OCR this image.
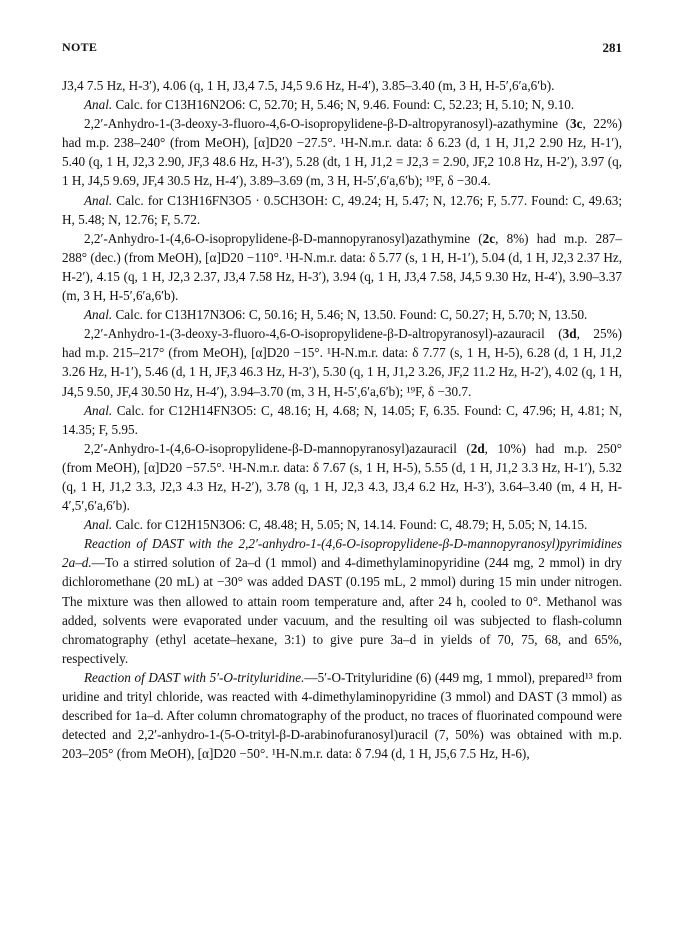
NOTE	281

J3,4 7.5 Hz, H-3′), 4.06 (q, 1 H, J3,4 7.5, J4,5 9.6 Hz, H-4′), 3.85–3.40 (m, 3 H, H-5′,6′a,6′b).

Anal. Calc. for C13H16N2O6: C, 52.70; H, 5.46; N, 9.46. Found: C, 52.23; H, 5.10; N, 9.10.

2,2′-Anhydro-1-(3-deoxy-3-fluoro-4,6-O-isopropylidene-β-D-altropyranosyl)-azathymine (3c, 22%) had m.p. 238–240° (from MeOH), [α]D20 −27.5°. ¹H-N.m.r. data: δ 6.23 (d, 1 H, J1,2 2.90 Hz, H-1′), 5.40 (q, 1 H, J2,3 2.90, JF,3 48.6 Hz, H-3′), 5.28 (dt, 1 H, J1,2 = J2,3 = 2.90, JF,2 10.8 Hz, H-2′), 3.97 (q, 1 H, J4,5 9.69, JF,4 30.5 Hz, H-4′), 3.89–3.69 (m, 3 H, H-5′,6′a,6′b); ¹⁹F, δ −30.4.

Anal. Calc. for C13H16FN3O5 · 0.5CH3OH: C, 49.24; H, 5.47; N, 12.76; F, 5.77. Found: C, 49.63; H, 5.48; N, 12.76; F, 5.72.

2,2′-Anhydro-1-(4,6-O-isopropylidene-β-D-mannopyranosyl)azathymine (2c, 8%) had m.p. 287–288° (dec.) (from MeOH), [α]D20 −110°. ¹H-N.m.r. data: δ 5.77 (s, 1 H, H-1′), 5.04 (d, 1 H, J2,3 2.37 Hz, H-2′), 4.15 (q, 1 H, J2,3 2.37, J3,4 7.58 Hz, H-3′), 3.94 (q, 1 H, J3,4 7.58, J4,5 9.30 Hz, H-4′), 3.90–3.37 (m, 3 H, H-5′,6′a,6′b).

Anal. Calc. for C13H17N3O6: C, 50.16; H, 5.46; N, 13.50. Found: C, 50.27; H, 5.70; N, 13.50.

2,2′-Anhydro-1-(3-deoxy-3-fluoro-4,6-O-isopropylidene-β-D-altropyranosyl)-azauracil (3d, 25%) had m.p. 215–217° (from MeOH), [α]D20 −15°. ¹H-N.m.r. data: δ 7.77 (s, 1 H, H-5), 6.28 (d, 1 H, J1,2 3.26 Hz, H-1′), 5.46 (d, 1 H, JF,3 46.3 Hz, H-3′), 5.30 (q, 1 H, J1,2 3.26, JF,2 11.2 Hz, H-2′), 4.02 (q, 1 H, J4,5 9.50, JF,4 30.50 Hz, H-4′), 3.94–3.70 (m, 3 H, H-5′,6′a,6′b); ¹⁹F, δ −30.7.

Anal. Calc. for C12H14FN3O5: C, 48.16; H, 4.68; N, 14.05; F, 6.35. Found: C, 47.96; H, 4.81; N, 14.35; F, 5.95.

2,2′-Anhydro-1-(4,6-O-isopropylidene-β-D-mannopyranosyl)azauracil (2d, 10%) had m.p. 250° (from MeOH), [α]D20 −57.5°. ¹H-N.m.r. data: δ 7.67 (s, 1 H, H-5), 5.55 (d, 1 H, J1,2 3.3 Hz, H-1′), 5.32 (q, 1 H, J1,2 3.3, J2,3 4.3 Hz, H-2′), 3.78 (q, 1 H, J2,3 4.3, J3,4 6.2 Hz, H-3′), 3.64–3.40 (m, 4 H, H-4′,5′,6′a,6′b).

Anal. Calc. for C12H15N3O6: C, 48.48; H, 5.05; N, 14.14. Found: C, 48.79; H, 5.05; N, 14.15.

Reaction of DAST with the 2,2′-anhydro-1-(4,6-O-isopropylidene-β-D-mannopyranosyl)pyrimidines 2a–d.—To a stirred solution of 2a–d (1 mmol) and 4-dimethylaminopyridine (244 mg, 2 mmol) in dry dichloromethane (20 mL) at −30° was added DAST (0.195 mL, 2 mmol) during 15 min under nitrogen. The mixture was then allowed to attain room temperature and, after 24 h, cooled to 0°. Methanol was added, solvents were evaporated under vacuum, and the resulting oil was subjected to flash-column chromatography (ethyl acetate–hexane, 3:1) to give pure 3a–d in yields of 70, 75, 68, and 65%, respectively.

Reaction of DAST with 5′-O-trityluridine.—5′-O-Trityluridine (6) (449 mg, 1 mmol), prepared¹³ from uridine and trityl chloride, was reacted with 4-dimethylaminopyridine (3 mmol) and DAST (3 mmol) as described for 1a–d. After column chromatography of the product, no traces of fluorinated compound were detected and 2,2′-anhydro-1-(5-O-trityl-β-D-arabinofuranosyl)uracil (7, 50%) was obtained with m.p. 203–205° (from MeOH), [α]D20 −50°. ¹H-N.m.r. data: δ 7.94 (d, 1 H, J5,6 7.5 Hz, H-6),
